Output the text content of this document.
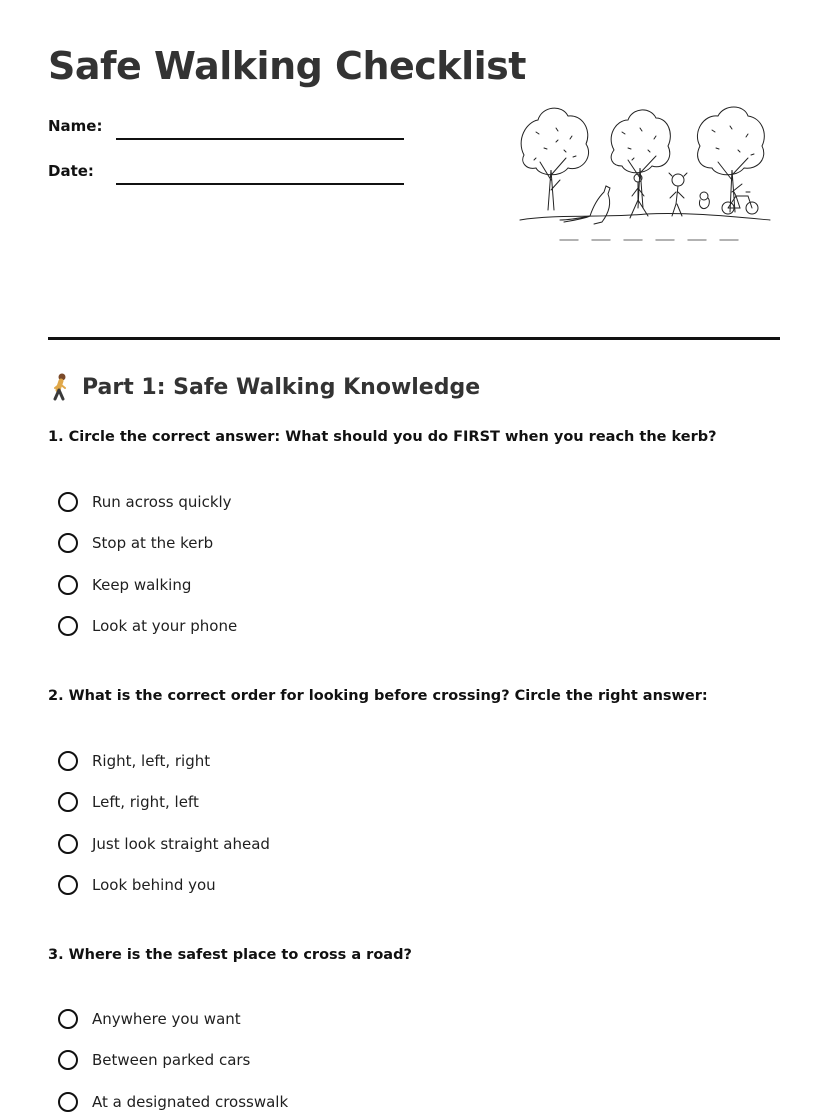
Safe Walking Checklist
Name:
Date:
Part 1: Safe Walking Knowledge
1. Circle the correct answer: What should you do FIRST when you reach the kerb?
Run across quickly
Stop at the kerb
Keep walking
Look at your phone
2. What is the correct order for looking before crossing? Circle the right answer:
Right, left, right
Left, right, left
Just look straight ahead
Look behind you
3. Where is the safest place to cross a road?
Anywhere you want
Between parked cars
At a designated crosswalk
